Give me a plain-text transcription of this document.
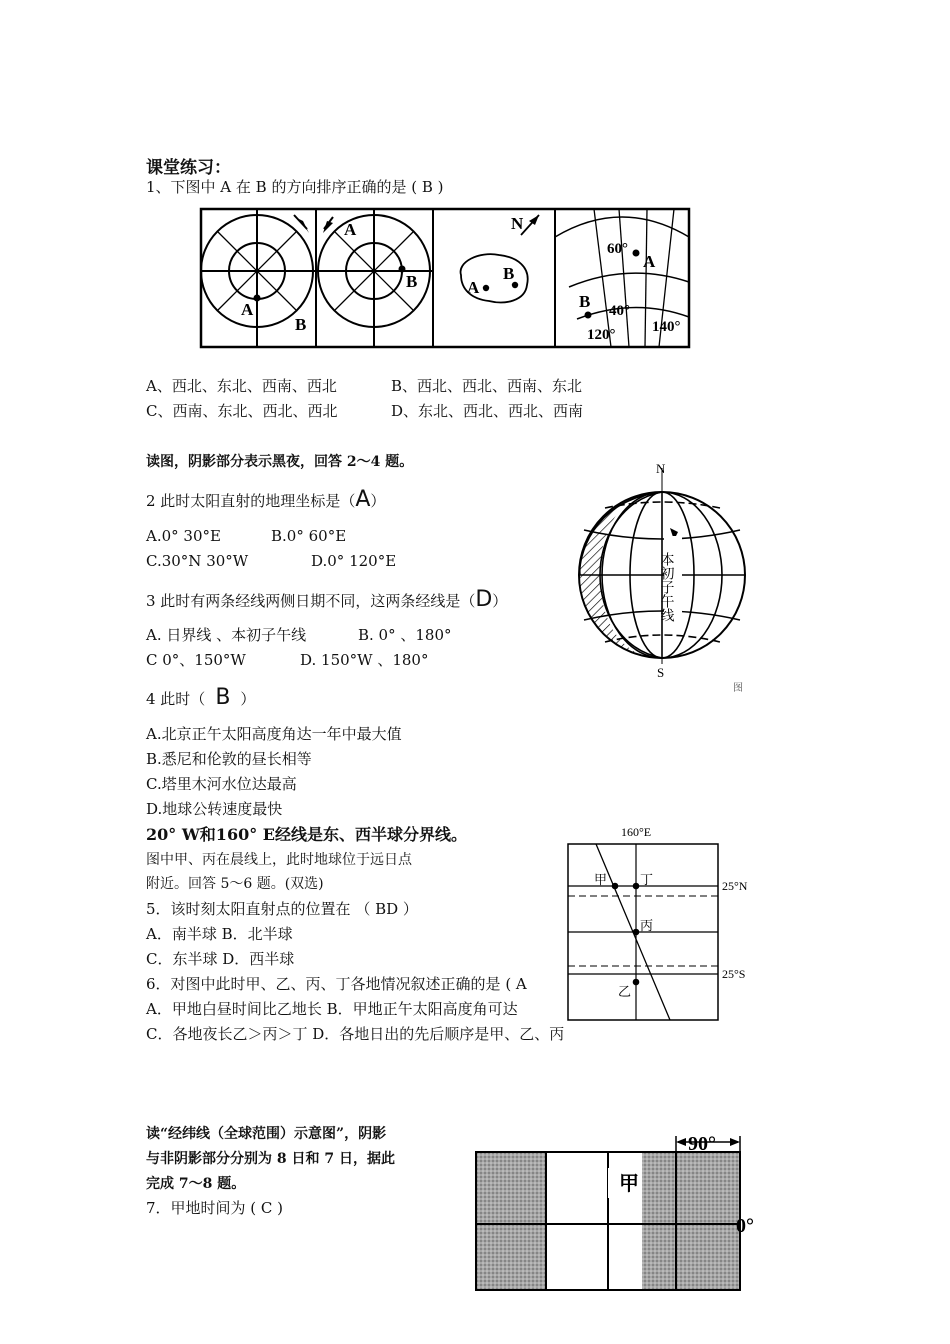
课堂练习：
1、下图中 A 在 B 的方向排序正确的是 ( B )
A
B
A
B
N
A
B
A
B
60°
40°
120° 140°
A、西北、东北、西南、西北	B、西北、西北、西南、东北
C、西南、东北、西北、西北	D、东北、西北、西北、西南
读图，阴影部分表示黑夜，回答 2～4 题。
2 此时太阳直射的地理坐标是（A）
A.0° 30°E	B.0° 60°E
C.30°N 30°W	D.0° 120°E
3 此时有两条经线两侧日期不同，这两条经线是（D）
A. 日界线 、本初子午线	B. 0° 、180°
C 0°、150°W	D. 150°W 、180°
4 此时（ B ）
A.北京正午太阳高度角达一年中最大值
B.悉尼和伦敦的昼长相等
C.塔里木河水位达最高
D.地球公转速度最快
N
S
图
本初子午线
20° W和160° E经线是东、西半球分界线。
图中甲、丙在晨线上，此时地球位于远日点
附近。回答 5～6 题。(双选)
5．该时刻太阳直射点的位置在 （ BD ）
A．南半球 B．北半球
C．东半球 D．西半球
6．对图中此时甲、乙、丙、丁各地情况叙述正确的是 ( A
A．甲地白昼时间比乙地长 B．甲地正午太阳高度角可达
160°E
甲	丁
丙
乙
25°N
25°S
C．各地夜长乙＞丙＞丁 D．各地日出的先后顺序是甲、乙、丙
读“经纬线（全球范围）示意图”，阴影
与非阴影部分分别为 8 日和 7 日，据此
完成 7～8 题。
7．甲地时间为 ( C )
甲
90°
0°
